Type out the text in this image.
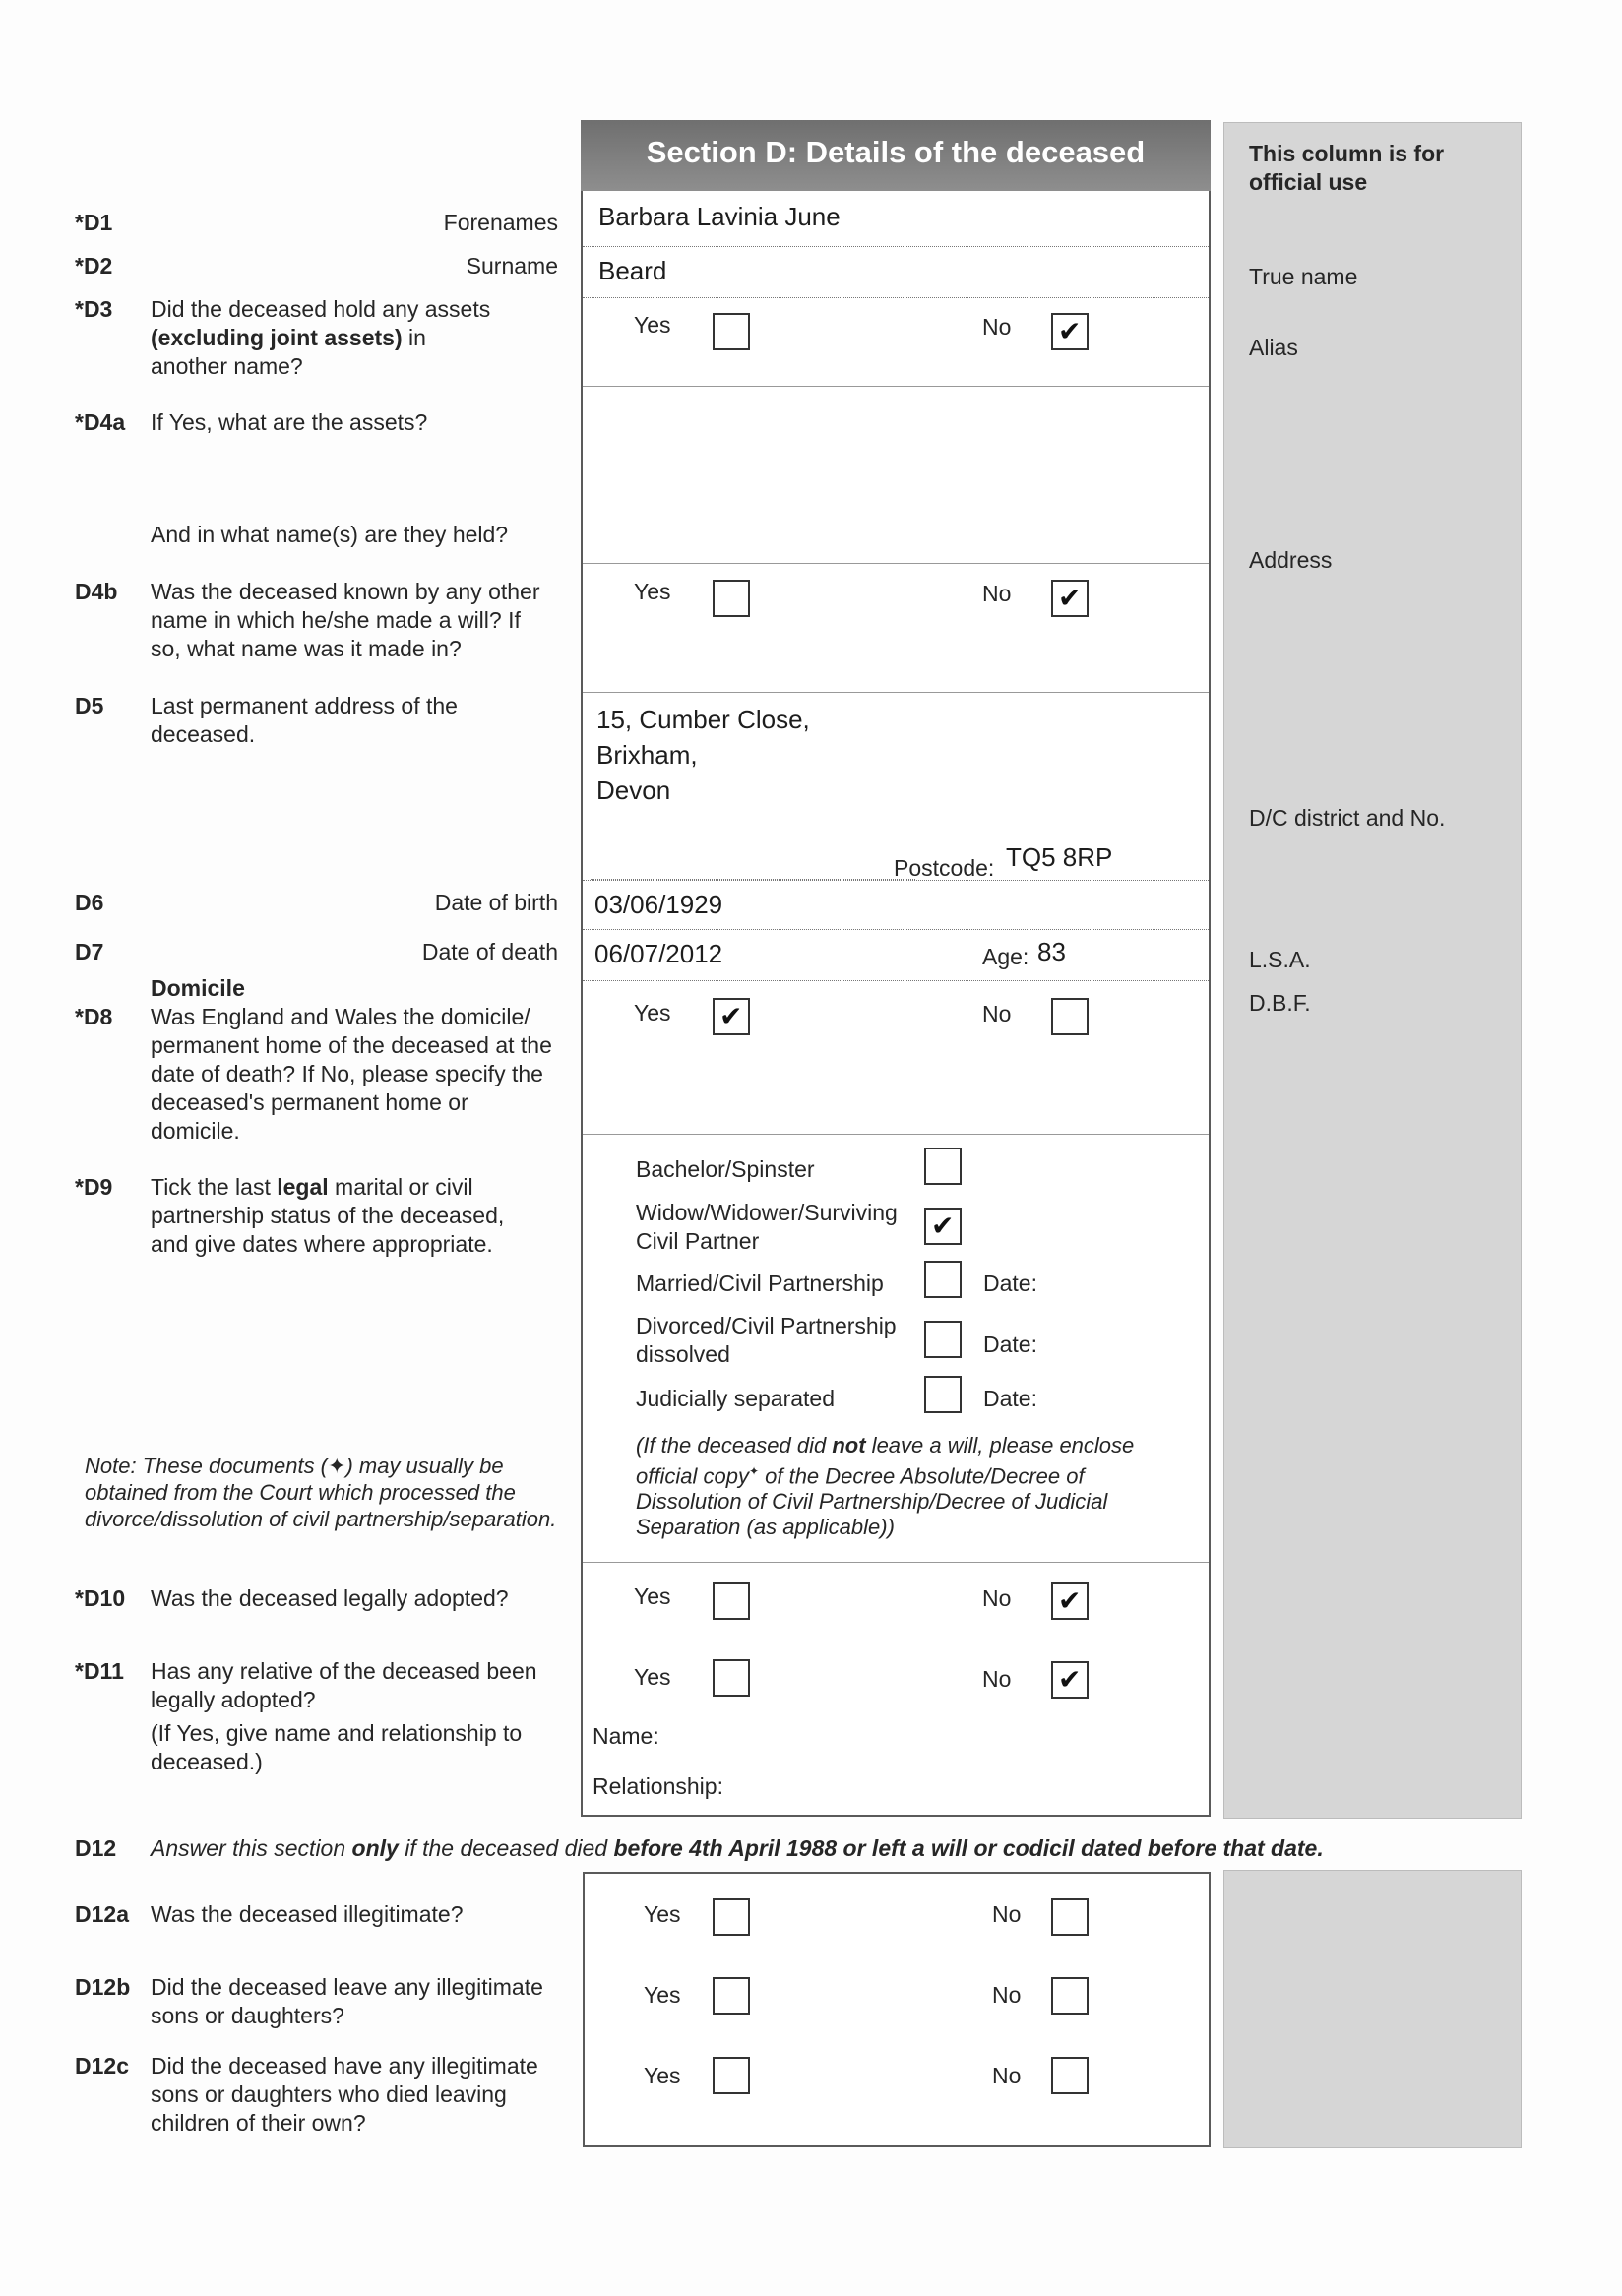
Section D: Details of the deceased	This column is for official use
True name
Alias
Address
D/C district and No.
L.S.A.
D.B.F.
*D1	Forenames Barbara Lavinia June
*D2	Surname Beard
*D3 Did the deceased hold any assets
(excluding joint assets) in
another name?
Yes	No
✔
*D4a If Yes, what are the assets?
And in what name(s) are they held?
D4b Was the deceased known by any other name in which he/she made a will? If so, what name was it made in?
Yes	No
✔
D5 Last permanent address of the deceased.	15, Cumber Close,
Brixham,
Devon
Postcode: TQ5 8RP
D6	Date of birth 03/06/1929
D7	Date of death 06/07/2012	Age: 83
Domicile
*D8 Was England and Wales the domicile/ permanent home of the deceased at the date of death? If No, please specify the deceased's permanent home or domicile.
Yes
✔	No
*D9 Tick the last legal marital or civil partnership status of the deceased, and give dates where appropriate.
Bachelor/Spinster
Widow/Widower/Surviving Civil Partner
✔
Married/Civil Partnership	Date:
Divorced/Civil Partnership dissolved	Date:
Judicially separated	Date:
(If the deceased did not leave a will, please enclose official copy✦ of the Decree Absolute/Decree of Dissolution of Civil Partnership/Decree of Judicial Separation (as applicable))
Note: These documents (✦) may usually be obtained from the Court which processed the divorce/dissolution of civil partnership/separation.
*D10 Was the deceased legally adopted?	Yes	No
✔
*D11 Has any relative of the deceased been legally adopted?
(If Yes, give name and relationship to deceased.)
Yes	No
✔
Name:
Relationship:
D12 Answer this section only if the deceased died before 4th April 1988 or left a will or codicil dated before that date.
D12a Was the deceased illegitimate?	Yes	No
D12b Did the deceased leave any illegitimate sons or daughters?
Yes	No
D12c Did the deceased have any illegitimate sons or daughters who died leaving children of their own?
Yes	No
